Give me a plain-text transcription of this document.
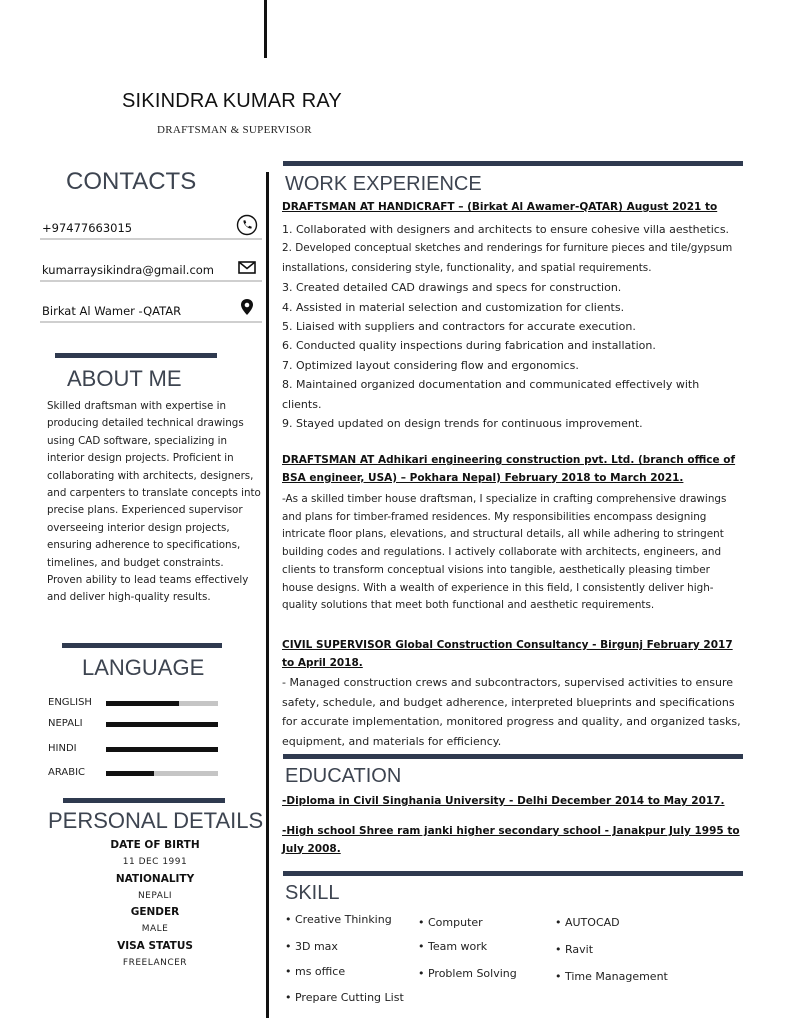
SIKINDRA KUMAR RAY
DRAFTSMAN & SUPERVISOR
CONTACTS
+97477663015
kumarraysikindra@gmail.com
Birkat Al Wamer -QATAR
ABOUT ME
Skilled draftsman with expertise in producing detailed technical drawings using CAD software, specializing in interior design projects. Proficient in collaborating with architects, designers, and carpenters to translate concepts into precise plans. Experienced supervisor overseeing interior design projects, ensuring adherence to specifications, timelines, and budget constraints. Proven ability to lead teams effectively and deliver high-quality results.
LANGUAGE
ENGLISH
NEPALI
HINDI
ARABIC
PERSONAL DETAILS
DATE OF BIRTH
11 DEC 1991
NATIONALITY
NEPALI
GENDER
MALE
VISA STATUS
FREELANCER
WORK EXPERIENCE
DRAFTSMAN AT HANDICRAFT – (Birkat Al Awamer-QATAR) August 2021 to
1. Collaborated with designers and architects to ensure cohesive villa aesthetics.
2. Developed conceptual sketches and renderings for furniture pieces and tile/gypsum installations, considering style, functionality, and spatial requirements.
3. Created detailed CAD drawings and specs for construction.
4. Assisted in material selection and customization for clients.
5. Liaised with suppliers and contractors for accurate execution.
6. Conducted quality inspections during fabrication and installation.
7. Optimized layout considering flow and ergonomics.
8. Maintained organized documentation and communicated effectively with clients.
9. Stayed updated on design trends for continuous improvement.
DRAFTSMAN AT Adhikari engineering construction pvt. Ltd. (branch office of BSA engineer, USA) – Pokhara Nepal) February 2018 to March 2021.
-As a skilled timber house draftsman, I specialize in crafting comprehensive drawings and plans for timber-framed residences. My responsibilities encompass designing intricate floor plans, elevations, and structural details, all while adhering to stringent building codes and regulations. I actively collaborate with architects, engineers, and clients to transform conceptual visions into tangible, aesthetically pleasing timber house designs. With a wealth of experience in this field, I consistently deliver high-quality solutions that meet both functional and aesthetic requirements.
CIVIL SUPERVISOR Global Construction Consultancy - Birgunj February 2017 to April 2018.
- Managed construction crews and subcontractors, supervised activities to ensure safety, schedule, and budget adherence, interpreted blueprints and specifications for accurate implementation, monitored progress and quality, and organized tasks, equipment, and materials for efficiency.
EDUCATION
-Diploma in Civil Singhania University - Delhi December 2014 to May 2017.
-High school Shree ram janki higher secondary school - Janakpur July 1995 to July 2008.
SKILL
• Creative Thinking
• 3D max
• ms office
• Prepare Cutting List
• Computer
• Team work
• Problem Solving
• AUTOCAD
• Ravit
• Time Management
